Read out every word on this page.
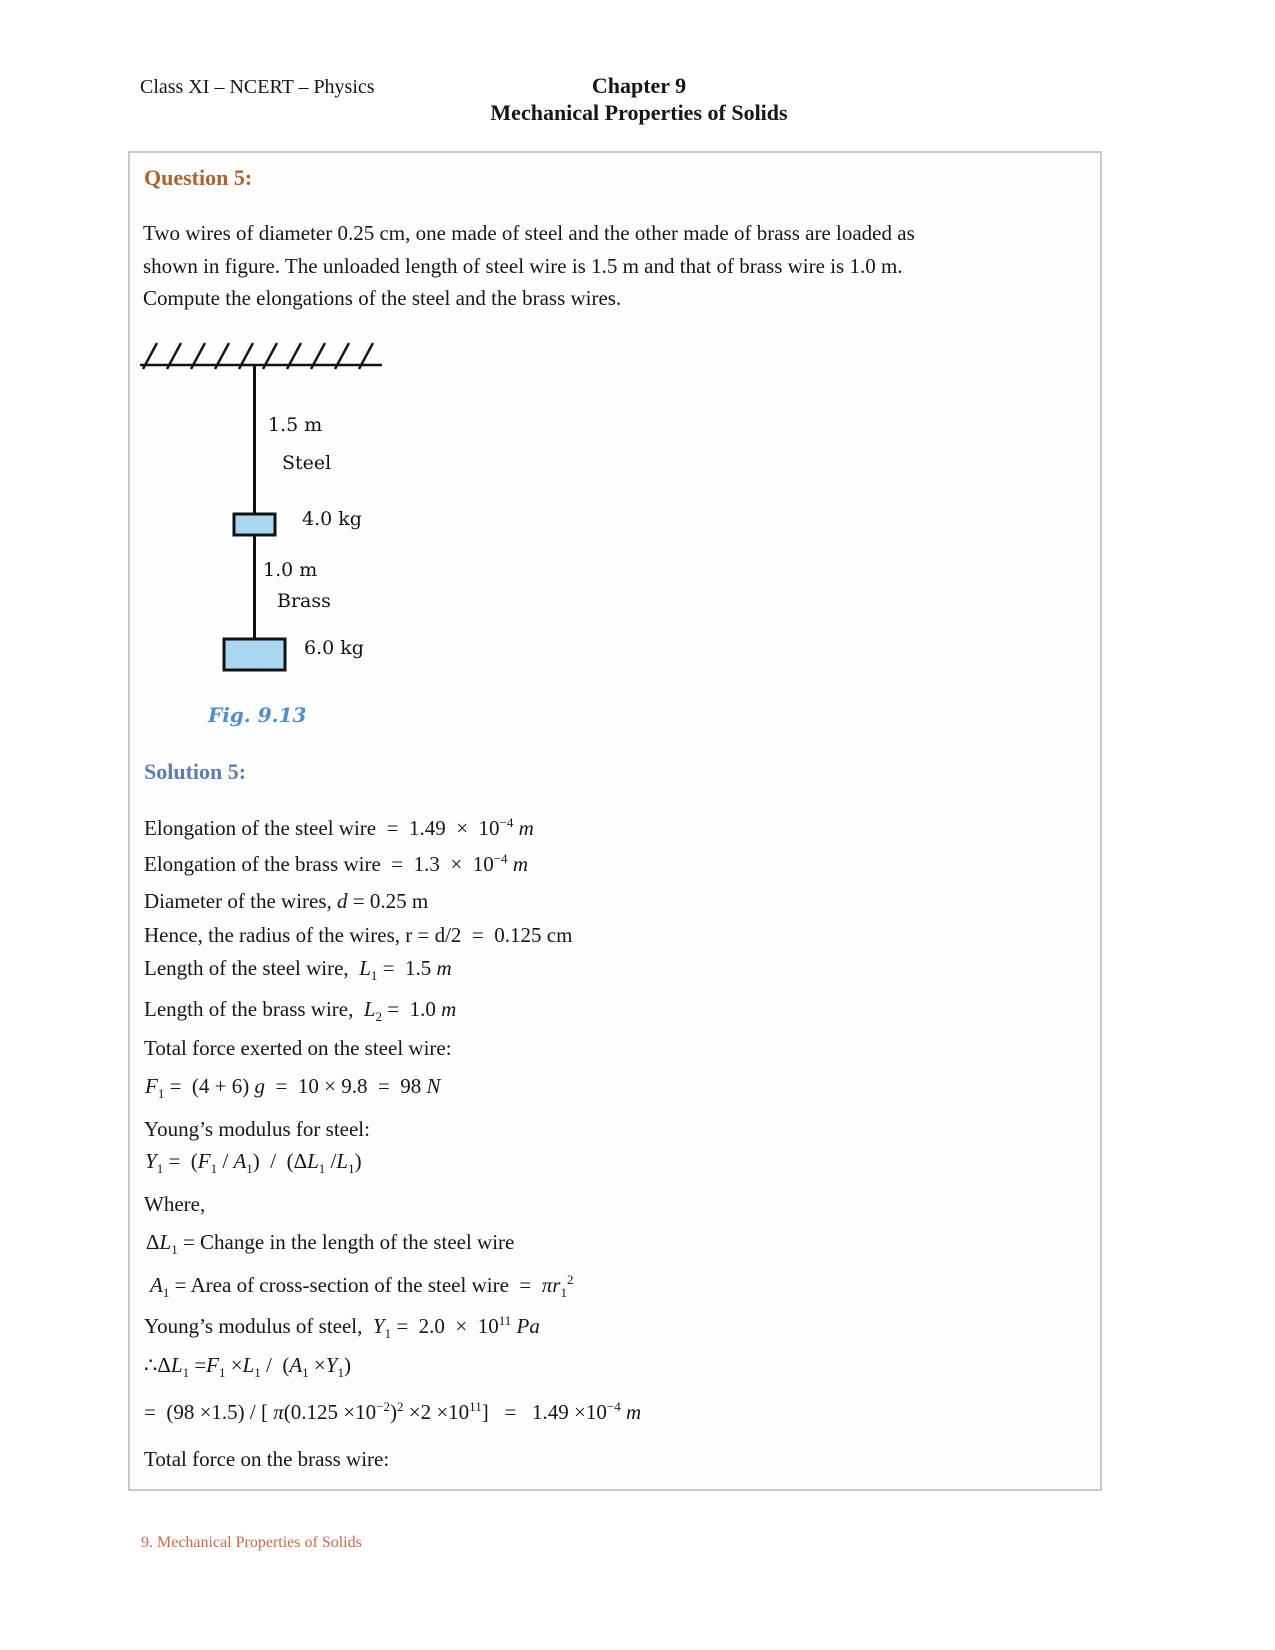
Class XI – NCERT – Physics	Chapter 9
Mechanical Properties of Solids
Question 5:
Two wires of diameter 0.25 cm, one made of steel and the other made of brass are loaded as
shown in figure. The unloaded length of steel wire is 1.5 m and that of brass wire is 1.0 m.
Compute the elongations of the steel and the brass wires.
1.5 m
Steel
4.0 kg
1.0 m
Brass
6.0 kg
Fig. 9.13
Solution 5:
Elongation of the steel wire  =  $1.49 \times 10^{-4}$ m
Elongation of the brass wire  =  $1.3 \times 10^{-4}$ m
Diameter of the wires, d = 0.25 m
Hence, the radius of the wires, r = d/2  =  0.125 cm
Length of the steel wire,  $L_1 = 1.5$ m
Length of the brass wire,  $L_2 = 1.0$ m
Total force exerted on the steel wire:
$F_1 = (4 + 6) g = 10 \times 9.8 = 98$ N
Young’s modulus for steel:
$Y_1 = (F_1 / A_1) / (\Delta L_1$ $/L_1$)
Where,
$\Delta L_1$ = Change in the length of the steel wire
$A_1$ = Area of cross-section of the steel wire  =  $\pi r_1^2$
Young’s modulus of steel,  $Y_1 = 2.0 \times 10^{11}$ Pa
$\therefore\Delta L_1 =F_1 \times L_1 / (A_1 \times Y_1)$
=  (98 ×1.5) / [ $\pi(0.125 \times 10^{-2})^2 \times 2 \times 10^{11}] = 1.49 \times 10^{-4}$ m
Total force on the brass wire:
9. Mechanical Properties of Solids
